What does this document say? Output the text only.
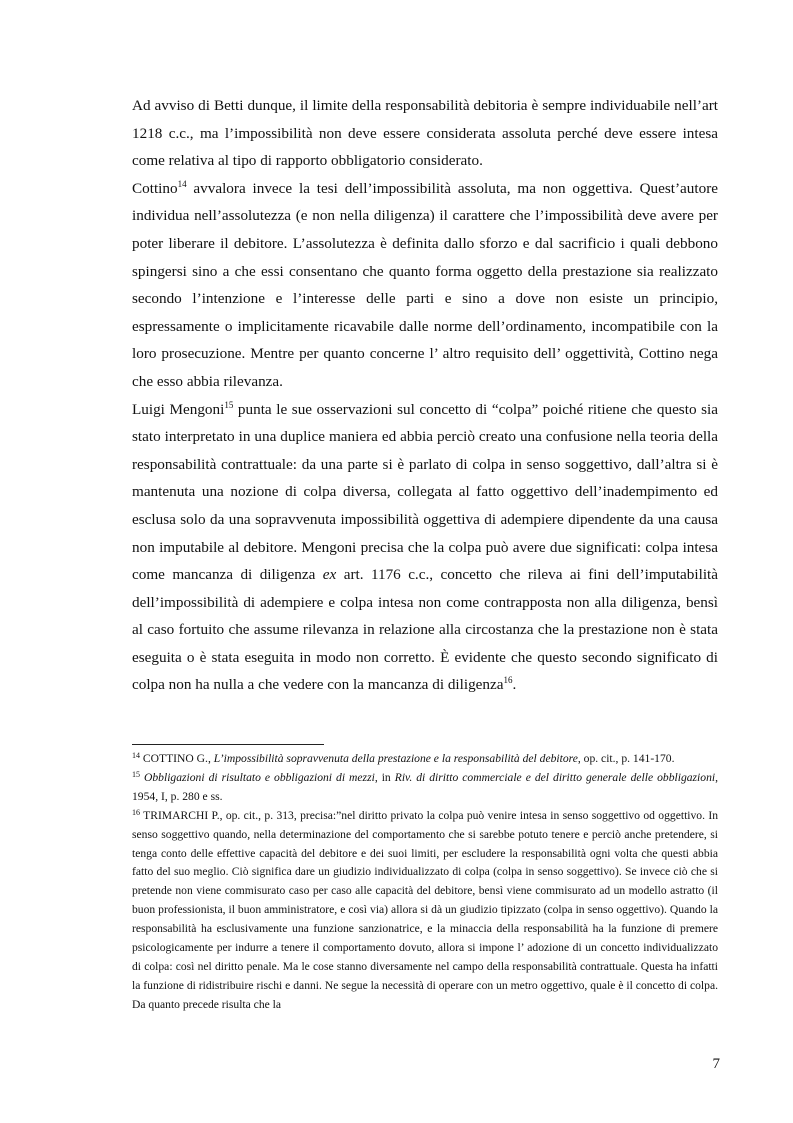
Ad avviso di Betti dunque, il limite della responsabilità debitoria è sempre individuabile nell’art 1218 c.c., ma l’impossibilità non deve essere considerata assoluta perché deve essere intesa come relativa al tipo di rapporto obbligatorio considerato.

Cottino$^{14}$ avvalora invece la tesi dell’impossibilità assoluta, ma non oggettiva. Quest’autore individua nell’assolutezza (e non nella diligenza) il carattere che l’impossibilità deve avere per poter liberare il debitore. L’assolutezza è definita dallo sforzo e dal sacrificio i quali debbono spingersi sino a che essi consentano che quanto forma oggetto della prestazione sia realizzato secondo l’intenzione e l’interesse delle parti e sino a dove non esiste un principio, espressamente o implicitamente ricavabile dalle norme dell’ordinamento, incompatibile con la loro prosecuzione. Mentre per quanto concerne l’ altro requisito dell’ oggettività, Cottino nega che esso abbia rilevanza.

Luigi Mengoni$^{15}$ punta le sue osservazioni sul concetto di “colpa” poiché ritiene che questo sia stato interpretato in una duplice maniera ed abbia perciò creato una confusione nella teoria della responsabilità contrattuale: da una parte si è parlato di colpa in senso soggettivo, dall’altra si è mantenuta una nozione di colpa diversa, collegata al fatto oggettivo dell’inadempimento ed esclusa solo da una sopravvenuta impossibilità oggettiva di adempiere dipendente da una causa non imputabile al debitore. Mengoni precisa che la colpa può avere due significati: colpa intesa come mancanza di diligenza ex art. 1176 c.c., concetto che rileva ai fini dell’imputabilità dell’impossibilità di adempiere e colpa intesa non come contrapposta non alla diligenza, bensì al caso fortuito che assume rilevanza in relazione alla circostanza che la prestazione non è stata eseguita o è stata eseguita in modo non corretto. È evidente che questo secondo significato di colpa non ha nulla a che vedere con la mancanza di diligenza$^{16}$.

$^{14}$ COTTINO G., L’impossibilità sopravvenuta della prestazione e la responsabilità del debitore, op. cit., p. 141-170.

$^{15}$ Obbligazioni di risultato e obbligazioni di mezzi, in Riv. di diritto commerciale e del diritto generale delle obbligazioni, 1954, I, p. 280 e ss.

$^{16}$ TRIMARCHI P., op. cit., p. 313, precisa:”nel diritto privato la colpa può venire intesa in senso soggettivo od oggettivo. In senso soggettivo quando, nella determinazione del comportamento che si sarebbe potuto tenere e perciò anche pretendere, si tenga conto delle effettive capacità del debitore e dei suoi limiti, per escludere la responsabilità ogni volta che questi abbia fatto del suo meglio. Ciò significa dare un giudizio individualizzato di colpa (colpa in senso soggettivo). Se invece ciò che si pretende non viene commisurato caso per caso alle capacità del debitore, bensì viene commisurato ad un modello astratto (il buon professionista, il buon amministratore, e così via) allora si dà un giudizio tipizzato (colpa in senso oggettivo). Quando la responsabilità ha esclusivamente una funzione sanzionatrice, e la minaccia della responsabilità ha la funzione di premere psicologicamente per indurre a tenere il comportamento dovuto, allora si impone l’ adozione di un concetto individualizzato di colpa: così nel diritto penale. Ma le cose stanno diversamente nel campo della responsabilità contrattuale. Questa ha infatti la funzione di ridistribuire rischi e danni. Ne segue la necessità di operare con un metro oggettivo, quale è il concetto di colpa. Da quanto precede risulta che la

7
